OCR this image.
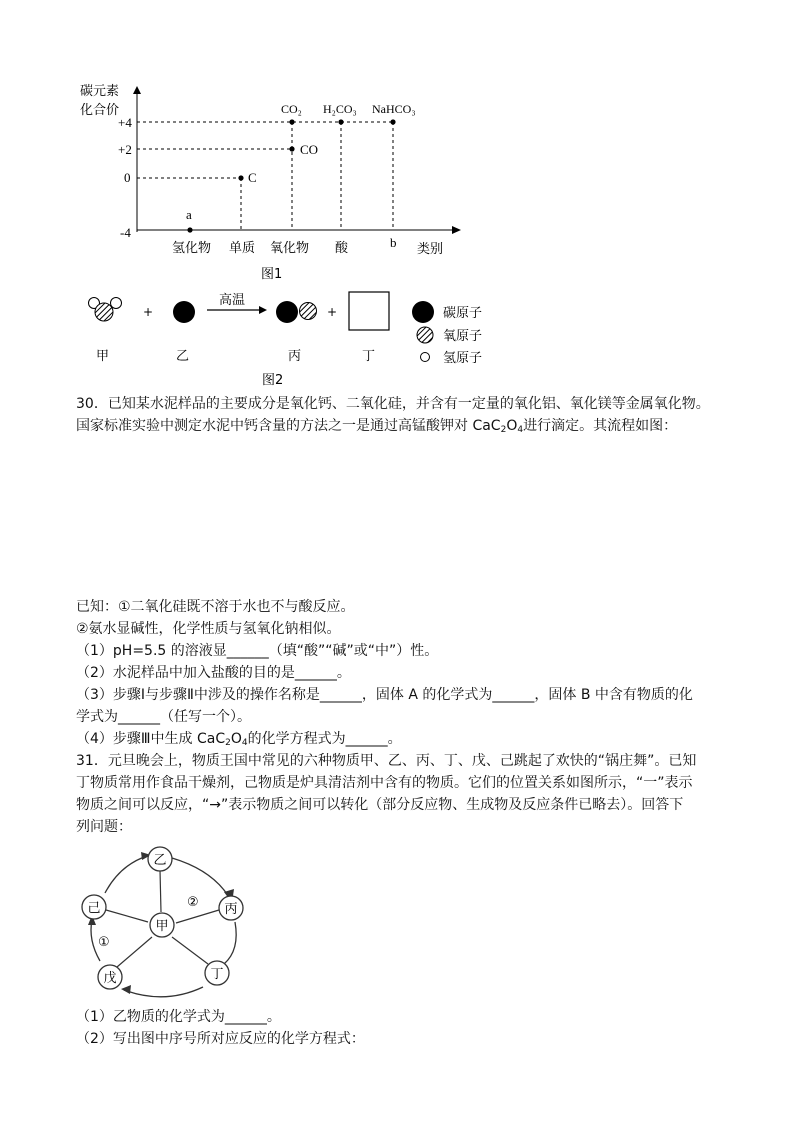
碳元素
化合价
+4
+2
0
-4
a
C
CO
CO₂ H₂CO₃ NaHCO₃
氢化物 单质 氧化物 酸	b 类别
图1
+
高温
+	碳原子
氧原子
氢原子
甲	乙	丙	丁
图2
30．已知某水泥样品的主要成分是氧化钙、二氧化硅，并含有一定量的氧化铝、氧化镁等金属氧化物。
国家标准实验中测定水泥中钙含量的方法之一是通过高锰酸钾对 $CaC_2O_4$进行滴定。其流程如图：
已知：①二氧化硅既不溶于水也不与酸反应。
②氨水显碱性，化学性质与氢氧化钠相似。
（1）pH=5.5 的溶液显______（填“酸”“碱”或“中”）性。
（2）水泥样品中加入盐酸的目的是______。
（3）步骤Ⅰ与步骤Ⅱ中涉及的操作名称是______，固体 A 的化学式为______，固体 B 中含有物质的化
学式为______（任写一个）。
（4）步骤Ⅲ中生成 $CaC_2O_4$的化学方程式为______。
31．元旦晚会上，物质王国中常见的六种物质甲、乙、丙、丁、戊、己跳起了欢快的“锅庄舞”。已知
丁物质常用作食品干燥剂，己物质是炉具清洁剂中含有的物质。它们的位置关系如图所示，“一”表示
物质之间可以反应，“→”表示物质之间可以转化（部分反应物、生成物及反应条件已略去）。回答下
列问题：
乙
丙
丁
戊
己
甲
①
②
（1）乙物质的化学式为______。
（2）写出图中序号所对应反应的化学方程式：
